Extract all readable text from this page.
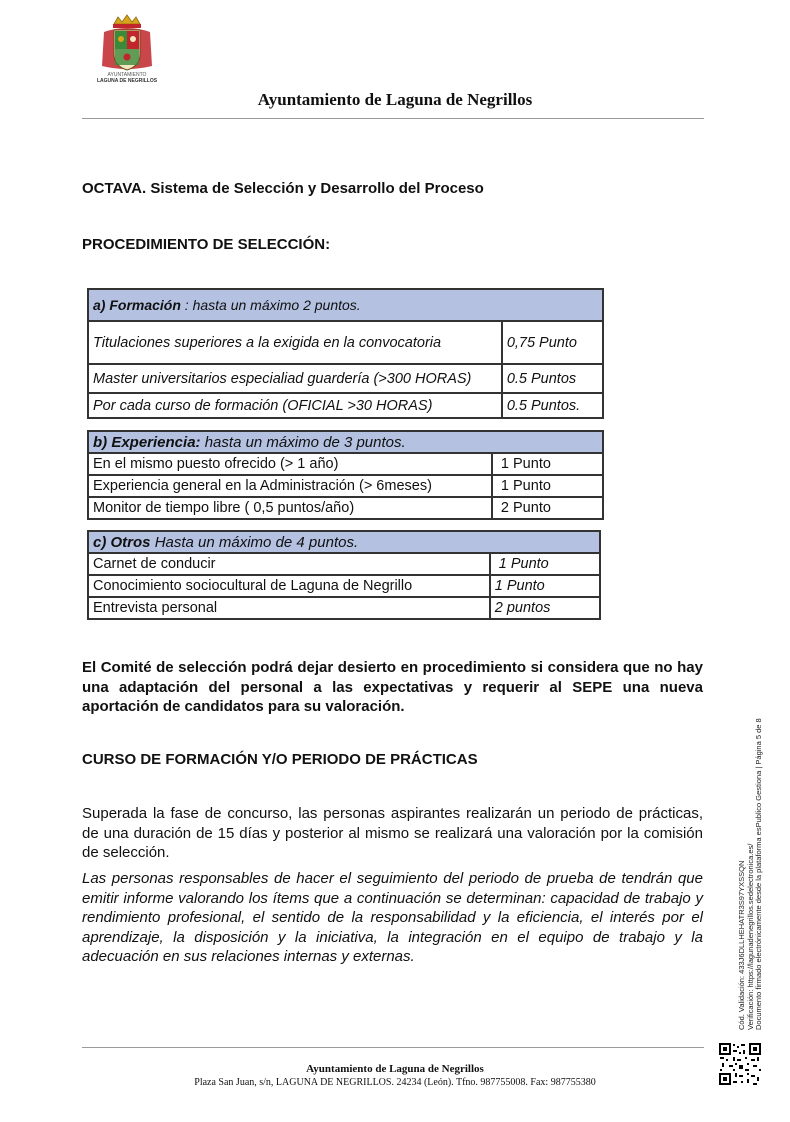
AYUNTAMIENTO
LAGUNA DE NEGRILLOS
Ayuntamiento de Laguna de Negrillos
OCTAVA. Sistema de Selección y Desarrollo del Proceso
PROCEDIMIENTO DE SELECCIÓN:
a) Formación : hasta un máximo 2 puntos.	
Titulaciones superiores a la exigida en la convocatoria	0,75 Punto
Master universitarios especialiad guardería (>300 HORAS)	0.5 Puntos
Por cada curso de formación (OFICIAL >30 HORAS)	0.5 Puntos.
b) Experiencia: hasta un máximo de 3 puntos.	
En el mismo puesto ofrecido (> 1 año)	1 Punto
Experiencia general en la Administración (> 6meses)	1 Punto
Monitor de tiempo libre ( 0,5 puntos/año)	2 Punto
c) Otros Hasta un máximo de 4 puntos.	
Carnet de conducir	1 Punto
Conocimiento sociocultural de Laguna de Negrillo	1 Punto
Entrevista personal	2 puntos
El Comité de selección podrá dejar desierto en procedimiento si considera que no hay una adaptación del personal a las expectativas y requerir al SEPE una nueva aportación de candidatos para su valoración.
CURSO DE FORMACIÓN Y/O PERIODO DE PRÁCTICAS
Superada la fase de concurso, las personas aspirantes realizarán un periodo de prácticas, de una duración de 15 días y posterior al mismo se realizará una valoración por la comisión de selección.
Las personas responsables de hacer el seguimiento del periodo de prueba de tendrán que emitir informe valorando los ítems que a continuación se determinan: capacidad de trabajo y rendimiento profesional, el sentido de la responsabilidad y la eficiencia, el interés por el aprendizaje, la disposición y la iniciativa, la integración en el equipo de trabajo y la adecuación en sus relaciones internas y externas.	Cód. Validación: 433J6DLLHEHATR3S97YXSSQN Verificación: https://lagunadenegrillos.sedelectronica.es/ Documento firmado electrónicamente desde la plataforma esPublico Gestiona | Página 5 de 8
Ayuntamiento de Laguna de Negrillos
Plaza San Juan, s/n, LAGUNA DE NEGRILLOS. 24234 (León). Tfno. 987755008. Fax: 987755380
